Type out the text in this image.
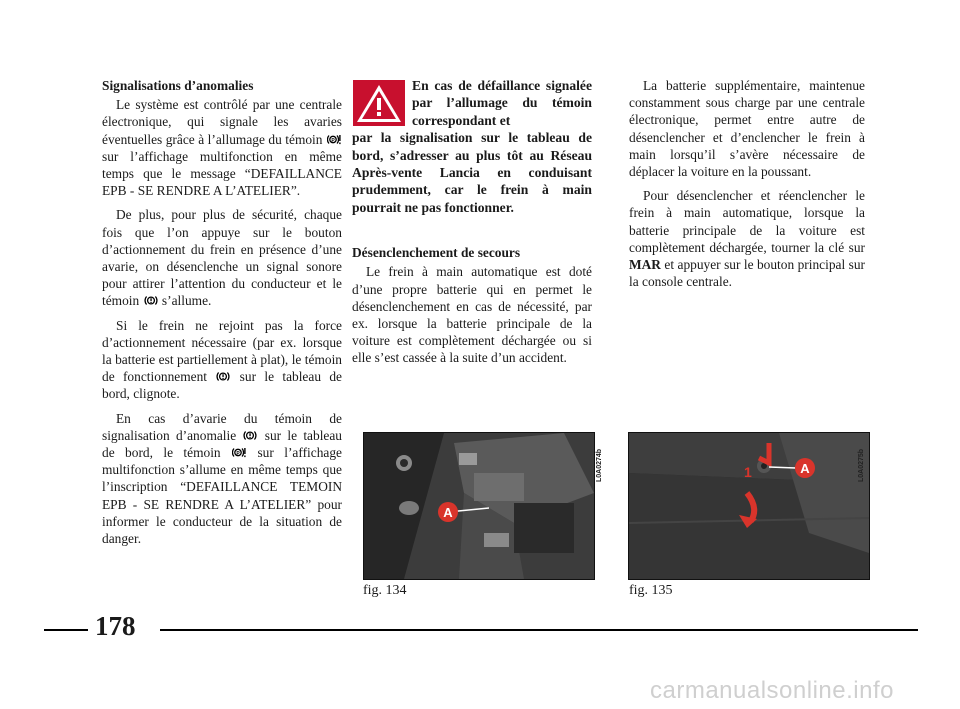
Signalisations d’anomalies

Le système est contrôlé par une centrale électronique, qui signale les avaries éventuelles grâce à l’allumage du témoin P
sur l’affichage multifonction en même temps que le message “DEFAILLANCE EPB - SE RENDRE A L’ATELIER”.

De plus, pour plus de sécurité, chaque fois que l’on appuye sur le bouton d’actionnement du frein en présence d’une avarie, on désenclenche un signal sonore pour attirer l’attention du conducteur et le témoin s’allume.

Si le frein ne rejoint pas la force d’actionnement nécessaire (par ex. lorsque la batterie est partiellement à plat), le témoin de fonctionnement sur le tableau de bord, clignote.

En cas d’avarie du témoin de signalisation d’anomalie sur le tableau de bord, le témoin	P sur l’affichage multifonction s’allume en même temps que l’inscription “DEFAILLANCE TEMOIN EPB - SE RENDRE A L’ATELIER” pour informer le conducteur de la situation de danger.

En cas de défaillance signalée par l’allumage du témoin correspondant et
par la signalisation sur le tableau de bord, s’adresser au plus tôt au Réseau Après-vente Lancia en conduisant prudemment, car le frein à main pourrait ne pas fonctionner.
Désenclenchement de secours

Le frein à main automatique est doté d’une propre batterie qui en permet le désenclenchement en cas de nécessité, par ex. lorsque la batterie principale de la voiture est complètement déchargée ou si elle s’est cassée à la suite d’un accident.

La batterie supplémentaire, maintenue constamment sous charge par une centrale électronique, permet entre autre de désenclencher et d’enclencher le frein à main lorsqu’il s’avère nécessaire de déplacer la voiture en la poussant.

Pour désenclencher et réenclencher le frein à main automatique, lorsque la batterie principale de la voiture est complètement déchargée, tourner la clé sur MAR et appuyer sur le bouton principal sur la console centrale.

A
L0A0274b
fig. 134
1	A	L0A0275b
fig. 135
178
carmanualsonline.info
